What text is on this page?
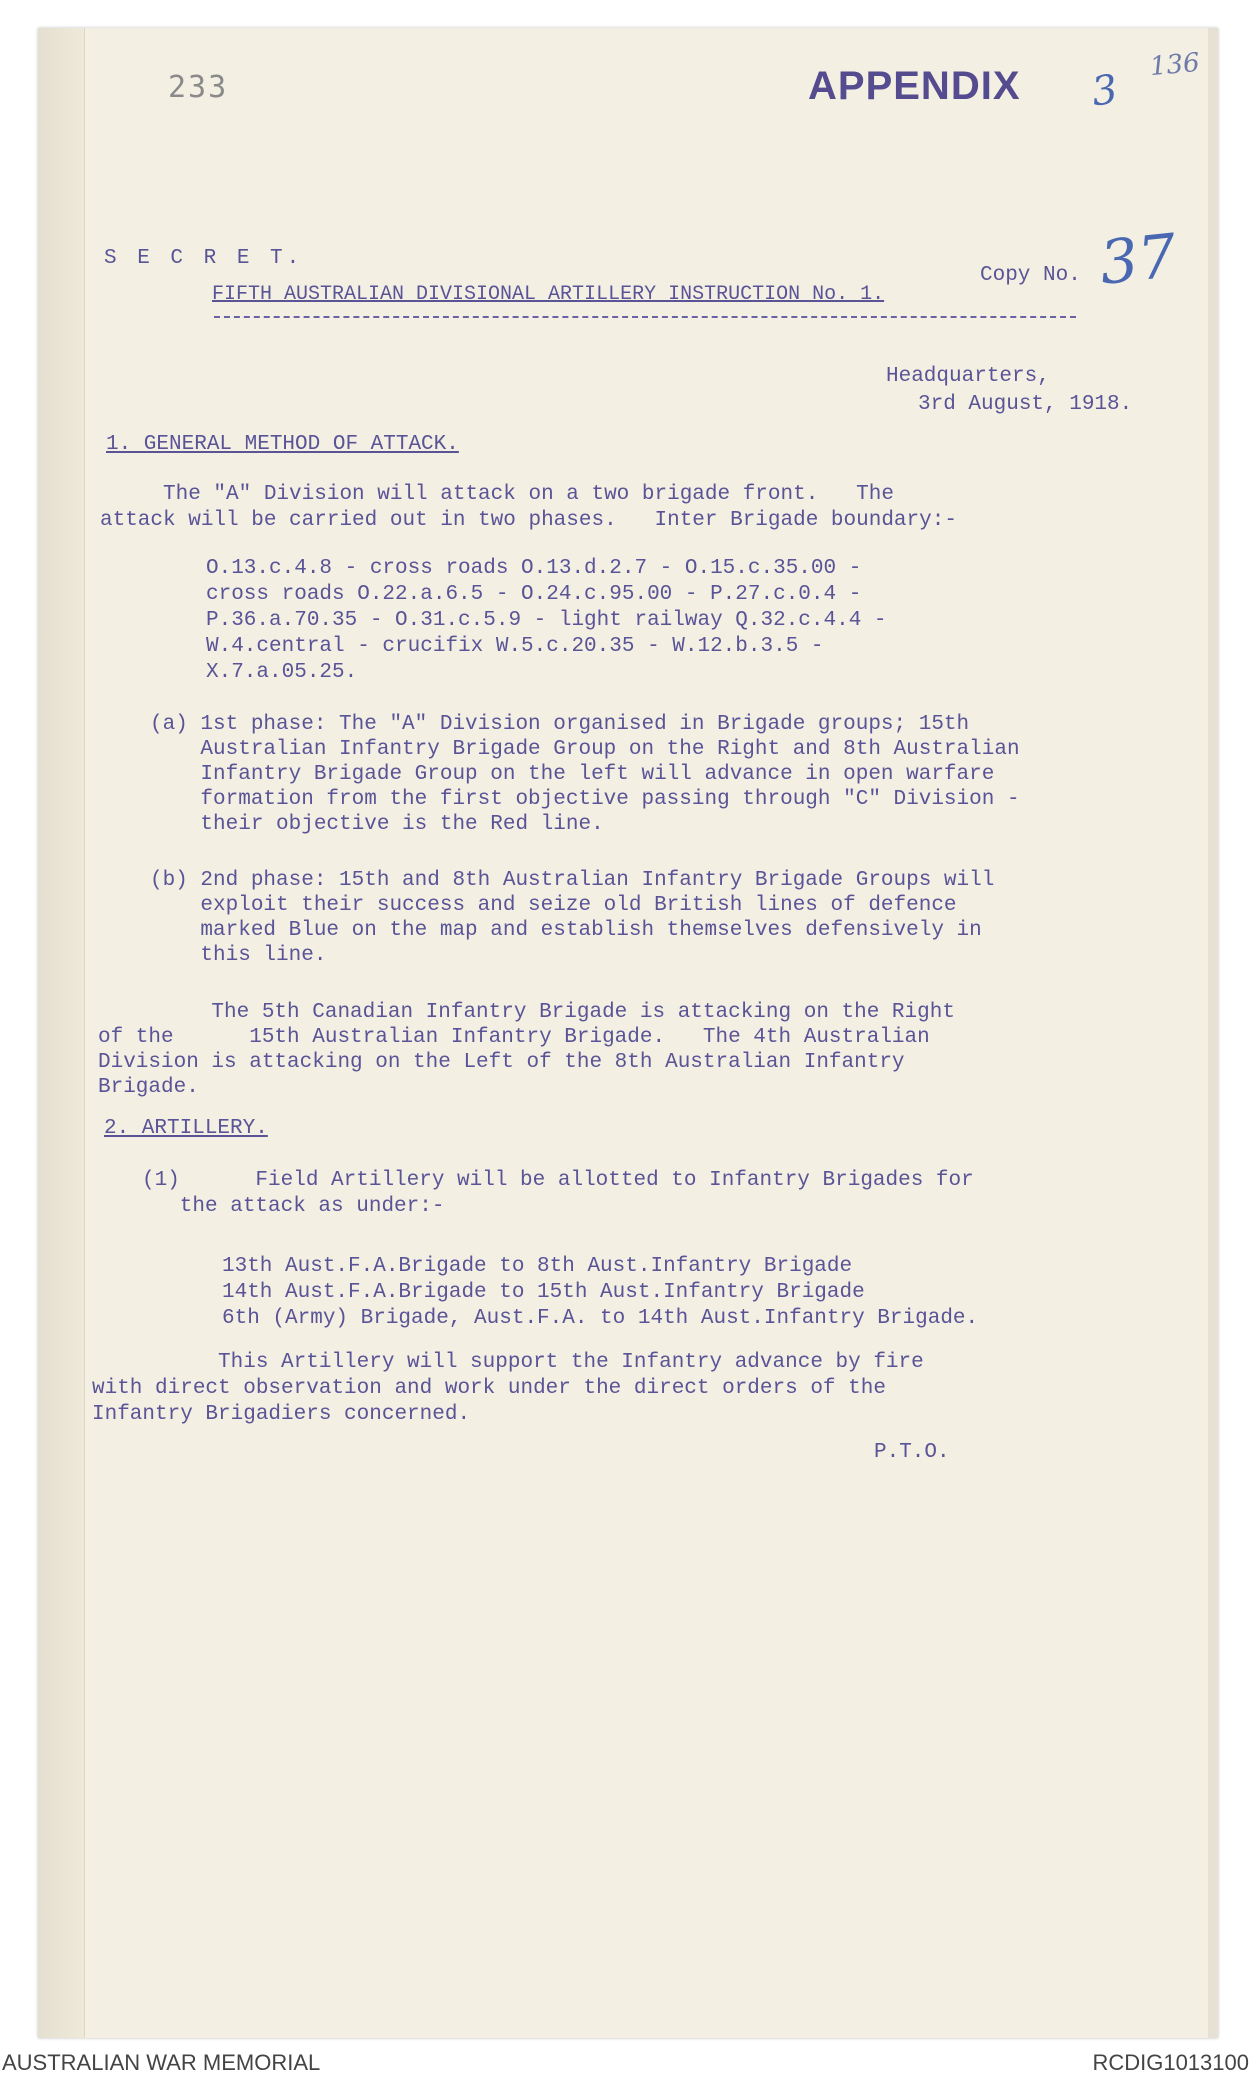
233	APPENDIX 3
136
37
S E C R E T.
Copy No.
FIFTH AUSTRALIAN DIVISIONAL ARTILLERY INSTRUCTION No. 1.
Headquarters,
3rd August, 1918.
1. GENERAL METHOD OF ATTACK.
The "A" Division will attack on a two brigade front.   The
attack will be carried out in two phases.   Inter Brigade boundary:-
O.13.c.4.8 - cross roads O.13.d.2.7 - O.15.c.35.00 -
cross roads O.22.a.6.5 - O.24.c.95.00 - P.27.c.0.4 -
P.36.a.70.35 - O.31.c.5.9 - light railway Q.32.c.4.4 -
W.4.central - crucifix W.5.c.20.35 - W.12.b.3.5 -
X.7.a.05.25.
(a) 1st phase: The "A" Division organised in Brigade groups; 15th
Australian Infantry Brigade Group on the Right and 8th Australian
Infantry Brigade Group on the left will advance in open warfare
formation from the first objective passing through "C" Division -
their objective is the Red line.
(b) 2nd phase: 15th and 8th Australian Infantry Brigade Groups will
exploit their success and seize old British lines of defence
marked Blue on the map and establish themselves defensively in
this line.
The 5th Canadian Infantry Brigade is attacking on the Right
of the      15th Australian Infantry Brigade.   The 4th Australian
Division is attacking on the Left of the 8th Australian Infantry
Brigade.
2. ARTILLERY.
(1)      Field Artillery will be allotted to Infantry Brigades for
the attack as under:-
13th Aust.F.A.Brigade to 8th Aust.Infantry Brigade
14th Aust.F.A.Brigade to 15th Aust.Infantry Brigade
6th (Army) Brigade, Aust.F.A. to 14th Aust.Infantry Brigade.
This Artillery will support the Infantry advance by fire
with direct observation and work under the direct orders of the
Infantry Brigadiers concerned.
P.T.O.
AUSTRALIAN WAR MEMORIAL	RCDIG1013100
